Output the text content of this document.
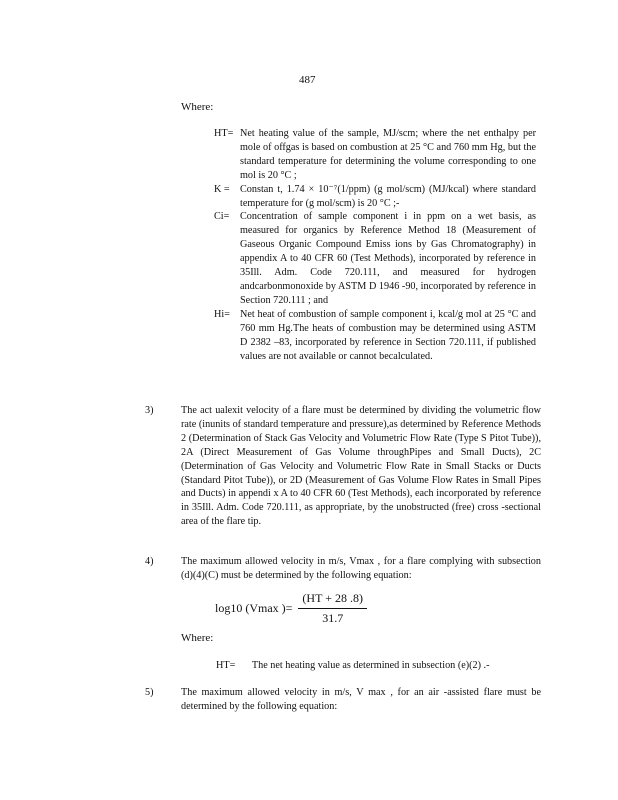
487
Where:

HT= Net heating value of the sample, MJ/scm; where the net enthalpy per mole of offgas is based on combustion at 25 °C and 760 mm Hg, but the standard temperature for determining the volume corresponding to one mol is 20 °C ;

K = Constan t, 1.74 × 10⁻⁷(1/ppm) (g mol/scm) (MJ/kcal) where standard temperature for (g mol/scm) is 20 °C ;-

Ci= Concentration of sample component i in ppm on a wet basis, as measured for organics by Reference Method 18 (Measurement of Gaseous Organic Compound Emiss ions by Gas Chromatography) in appendix A to 40 CFR 60 (Test Methods), incorporated by reference in 35Ill. Adm. Code 720.111, and measured for hydrogen andcarbonmonoxide by ASTM D 1946 -90, incorporated by reference in Section 720.111 ; and

Hi= Net heat of combustion of sample component i, kcal/g mol at 25 °C and 760 mm Hg.The heats of combustion may be determined using ASTM D 2382 –83, incorporated by reference in Section 720.111, if published values are not available or cannot becalculated.

3)	The act ualexit velocity of a flare must be determined by dividing the volumetric flow rate (inunits of standard temperature and pressure),as determined by Reference Methods 2 (Determination of Stack Gas Velocity and Volumetric Flow Rate (Type S Pitot Tube)), 2A (Direct Measurement of Gas Volume throughPipes and Small Ducts), 2C (Determination of Gas Velocity and Volumetric Flow Rate in Small Stacks or Ducts (Standard Pitot Tube)), or 2D (Measurement of Gas Volume Flow Rates in Small Pipes and Ducts) in appendi x A to 40 CFR 60 (Test Methods), each incorporated by reference in 35Ill. Adm. Code 720.111, as appropriate, by the unobstructed (free) cross -sectional area of the flare tip.
4)	The maximum allowed velocity in m/s, Vmax , for a flare complying with subsection (d)(4)(C) must be determined by the following equation:
log10 (Vmax )= $\frac{(HT + 28 .8)}{31.7}$
Where:
HT= The net heating value as determined in subsection (e)(2) .-
5)	The maximum allowed velocity in m/s, V max , for an air -assisted flare must be determined by the following equation:
